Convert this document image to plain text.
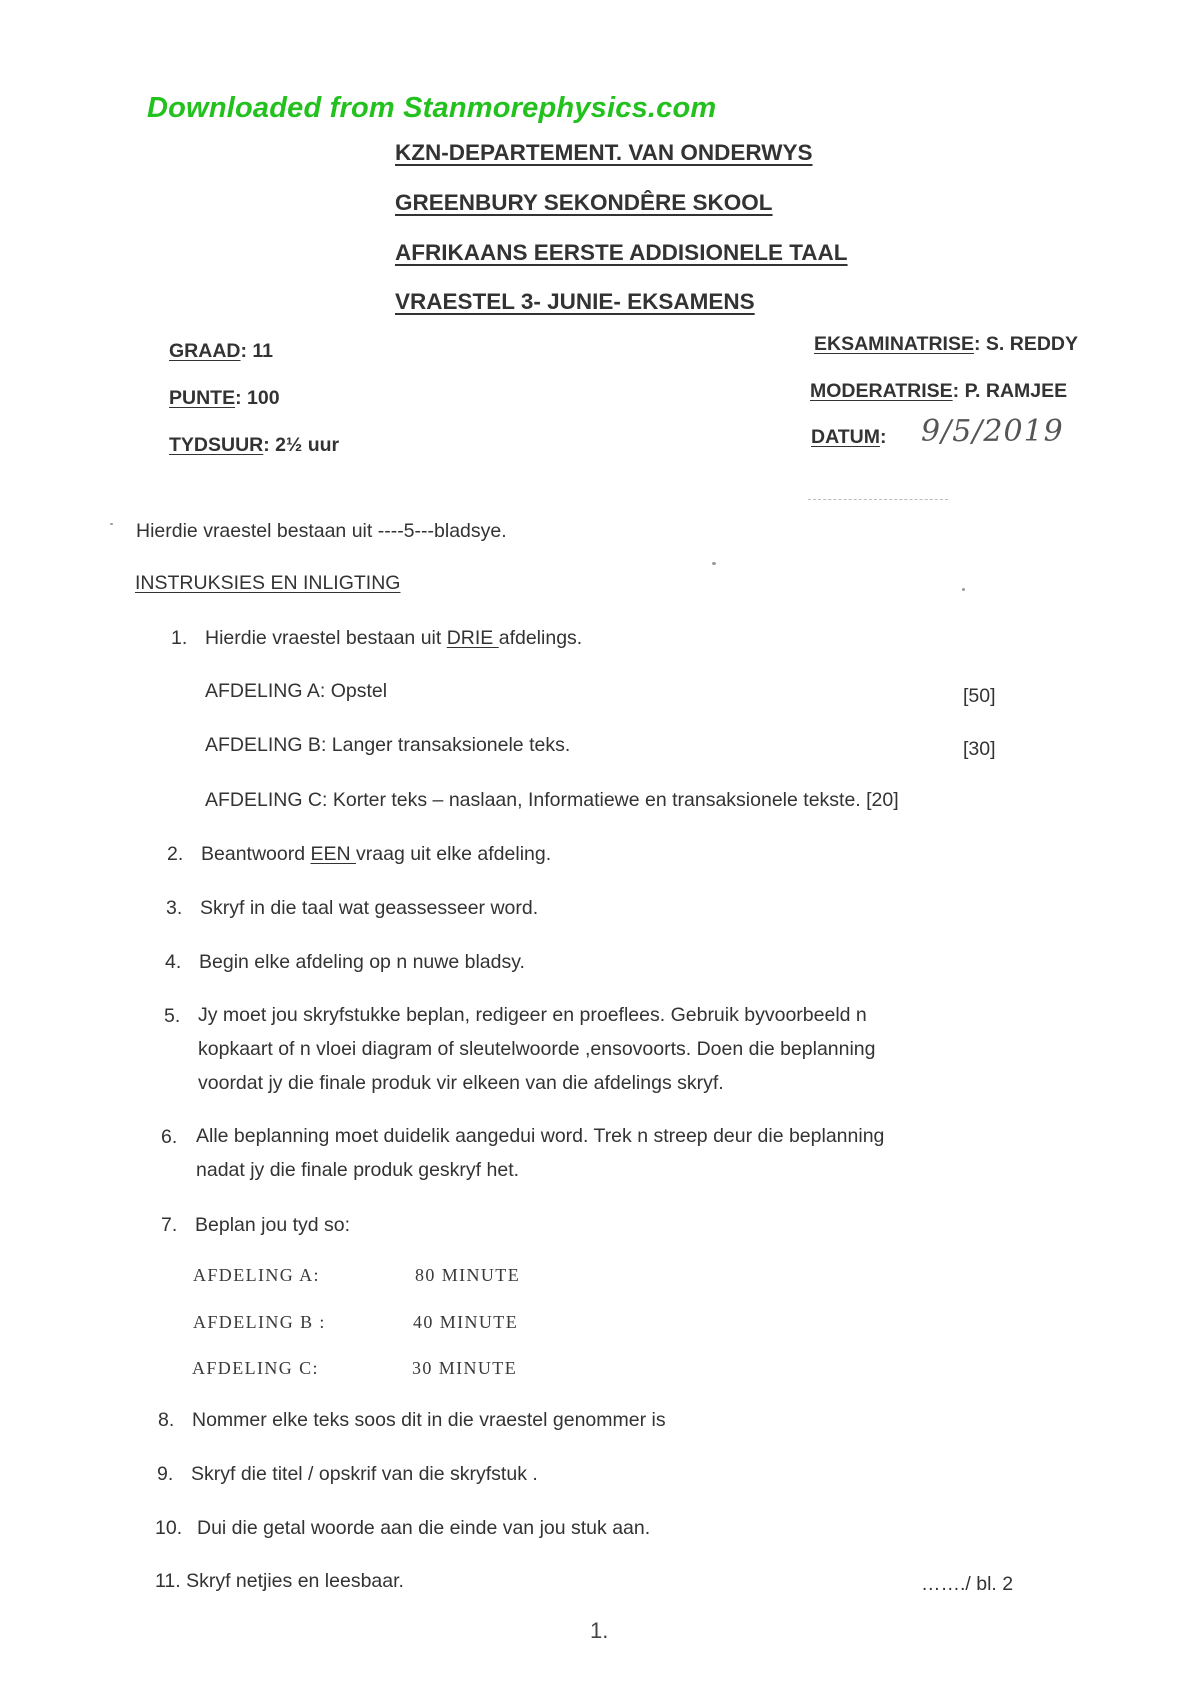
Downloaded from Stanmorephysics.com
KZN-DEPARTEMENT. VAN ONDERWYS
GREENBURY SEKONDÊRE SKOOL
AFRIKAANS EERSTE ADDISIONELE TAAL
VRAESTEL 3- JUNIE- EKSAMENS
GRAAD: 11
PUNTE: 100
TYDSUUR: 2½ uur
EKSAMINATRISE: S. REDDY
MODERATRISE: P. RAMJEE
DATUM: 9/5/2019
Hierdie vraestel bestaan uit ----5---bladsye.
INSTRUKSIES EN INLIGTING
1. Hierdie vraestel bestaan uit DRIE afdelings.
AFDELING A: Opstel	[50]
AFDELING B: Langer transaksionele teks.	[30]
AFDELING C: Korter teks – naslaan, Informatiewe en transaksionele tekste. [20]
2. Beantwoord EEN vraag uit elke afdeling.
3. Skryf in die taal wat geassesseer word.
4. Begin elke afdeling op n nuwe bladsy.
5. Jy moet jou skryfstukke beplan, redigeer en proeflees. Gebruik byvoorbeeld n
kopkaart of n vloei diagram of sleutelwoorde ,ensovoorts. Doen die beplanning
voordat jy die finale produk vir elkeen van die afdelings skryf.
6. Alle beplanning moet duidelik aangedui word. Trek n streep deur die beplanning
nadat jy die finale produk geskryf het.
7. Beplan jou tyd so:
AFDELING A:	80 MINUTE
AFDELING B :	40 MINUTE
AFDELING C:	30 MINUTE
8. Nommer elke teks soos dit in die vraestel genommer is
9. Skryf die titel / opskrif van die skryfstuk .
10. Dui die getal woorde aan die einde van jou stuk aan.
11. Skryf netjies en leesbaar.	……./ bl. 2
1.
